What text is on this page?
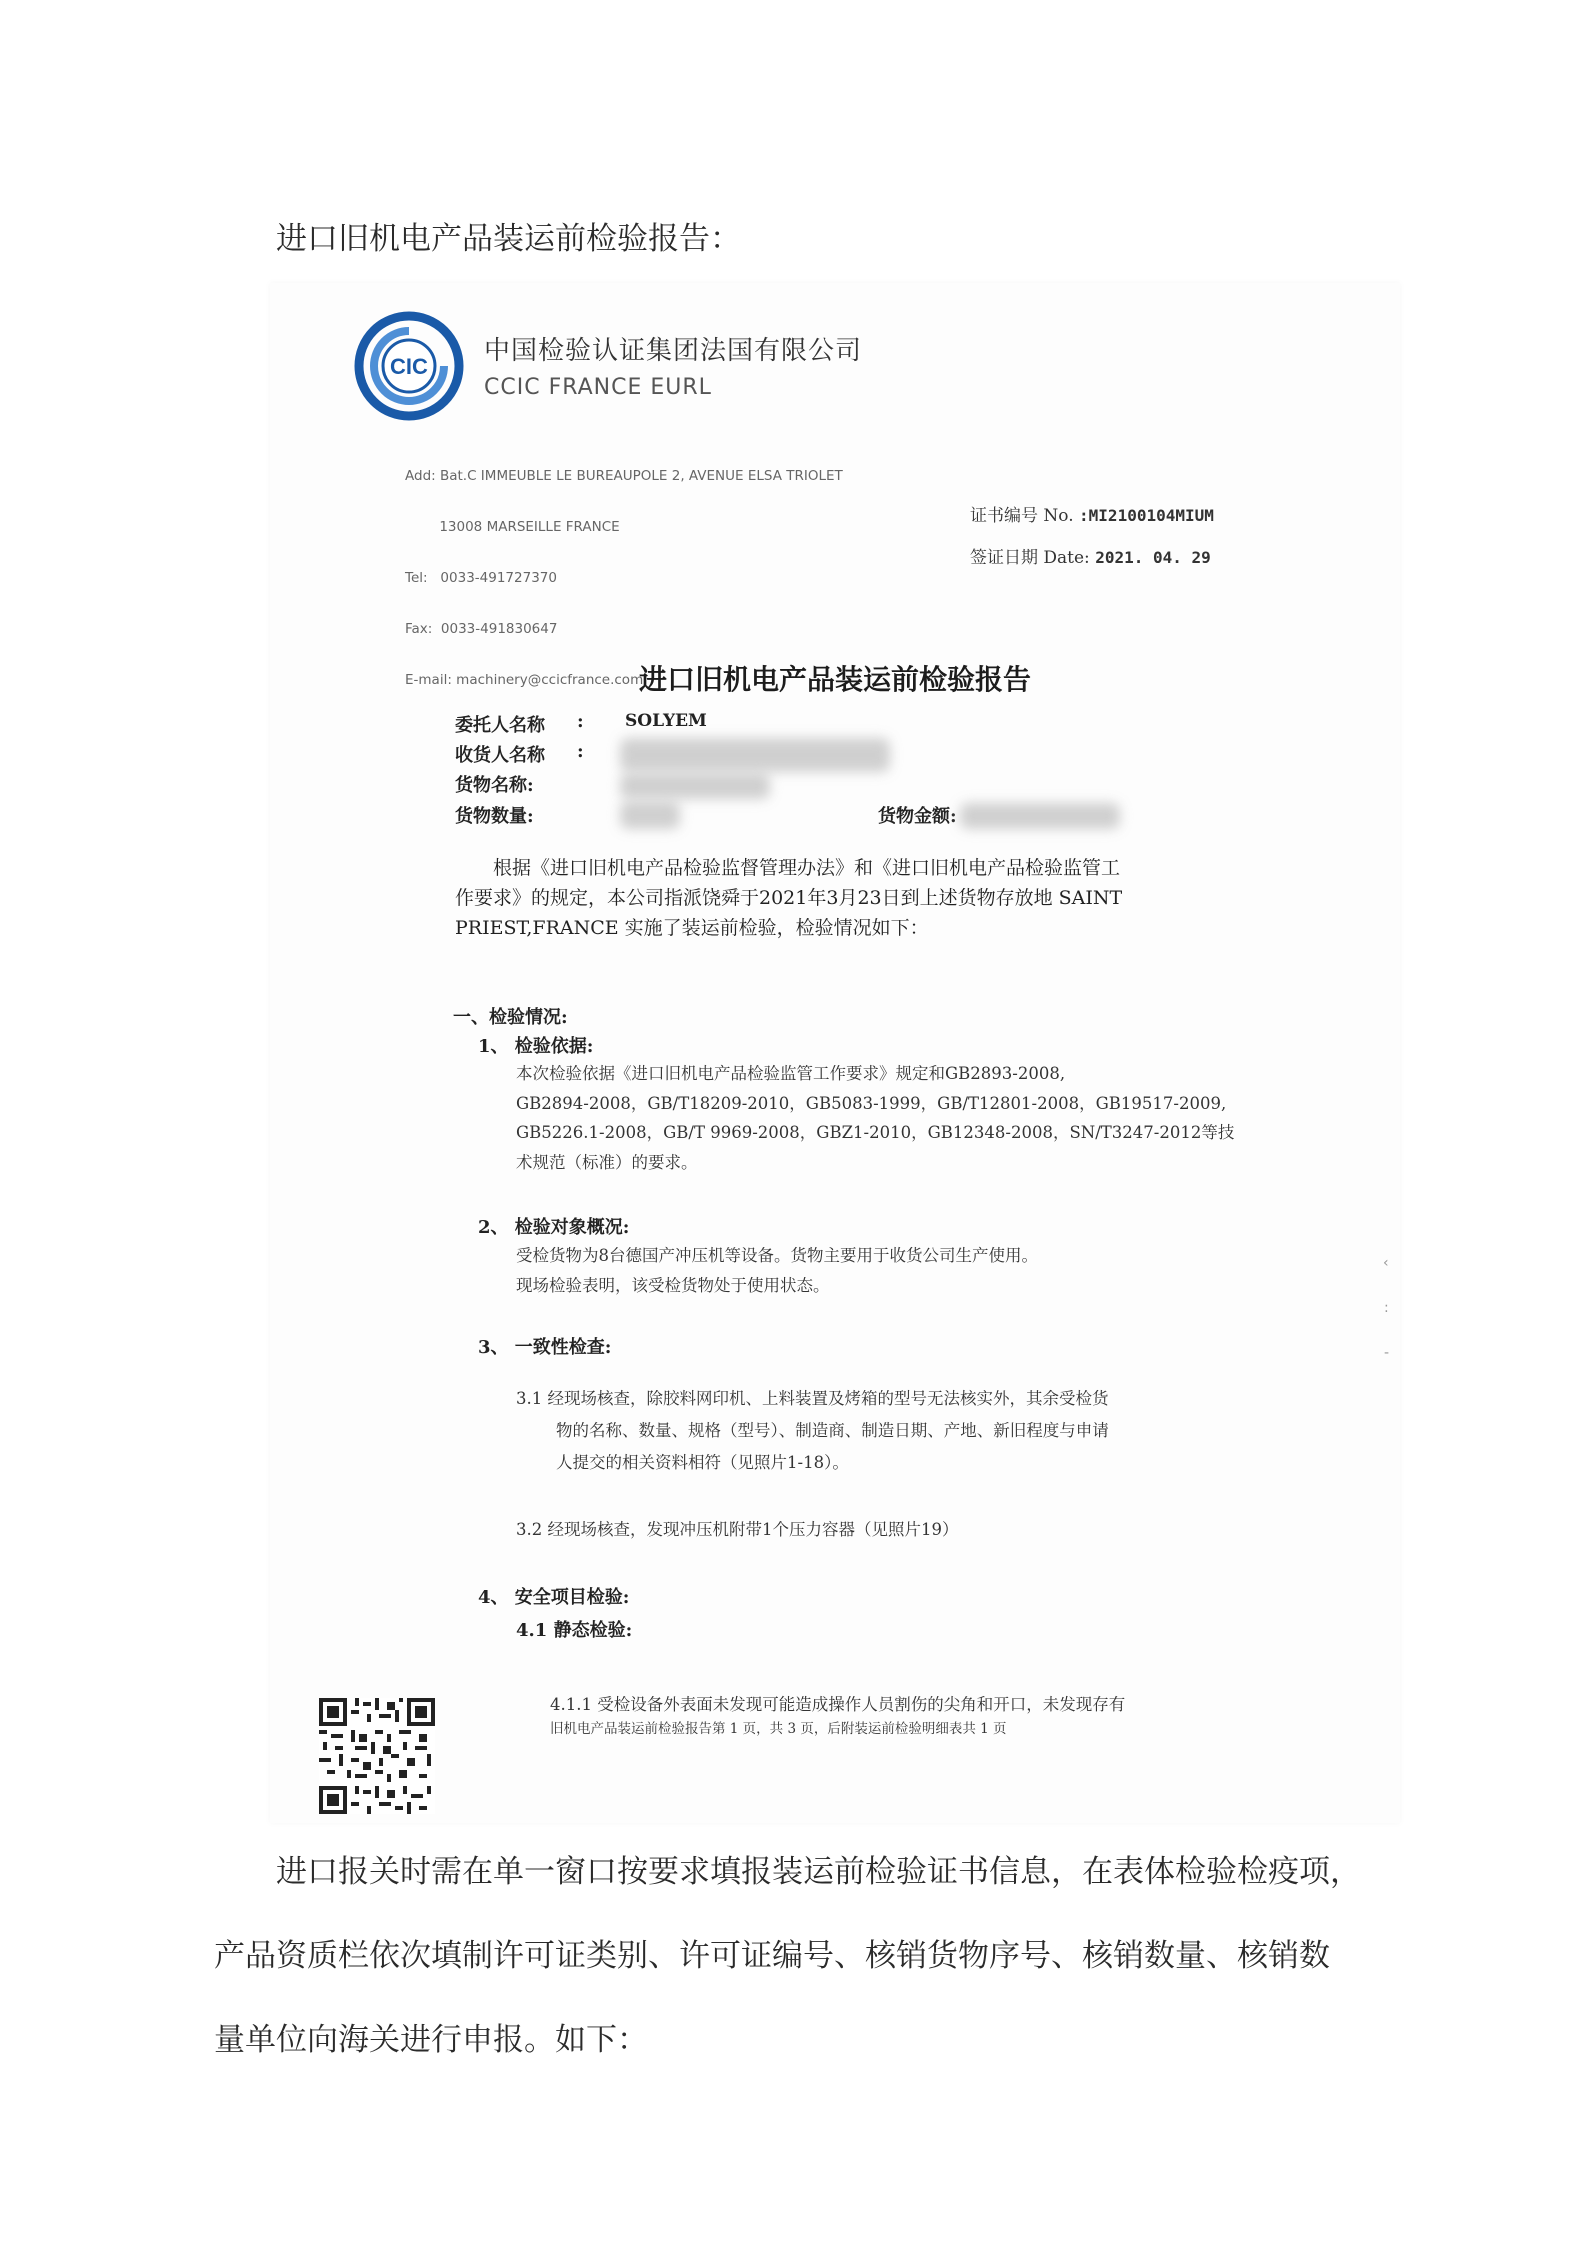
进口旧机电产品装运前检验报告：
CIC
中国检验认证集团法国有限公司
CCIC FRANCE EURL

Add: Bat.C IMMEUBLE LE BUREAUPOLE 2, AVENUE ELSA TRIOLET

13008 MARSEILLE FRANCE

Tel:   0033-491727370

Fax:  0033-491830647

E-mail: machinery@ccicfrance.com

证书编号 No. :MI2100104MIUM
签证日期 Date: 2021. 04. 29
进口旧机电产品装运前检验报告
委托人名称 : SOLYEM
收货人名称 :
货物名称:
货物数量:	货物金额:
根据《进口旧机电产品检验监督管理办法》和《进口旧机电产品检验监管工
作要求》的规定，本公司指派饶舜于2021年3月23日到上述货物存放地 SAINT
PRIEST,FRANCE 实施了装运前检验，检验情况如下：
一、检验情况:
1、 检验依据:
本次检验依据《进口旧机电产品检验监管工作要求》规定和GB2893-2008,
GB2894-2008，GB/T18209-2010，GB5083-1999，GB/T12801-2008，GB19517-2009,
GB5226.1-2008，GB/T 9969-2008，GBZ1-2010，GB12348-2008，SN/T3247-2012等技
术规范（标准）的要求。
2、 检验对象概况:
受检货物为8台德国产冲压机等设备。货物主要用于收货公司生产使用。
现场检验表明，该受检货物处于使用状态。
3、 一致性检查:
3.1 经现场核查，除胶料网印机、上料装置及烤箱的型号无法核实外，其余受检货
物的名称、数量、规格（型号）、制造商、制造日期、产地、新旧程度与申请
人提交的相关资料相符（见照片1-18）。
3.2 经现场核查，发现冲压机附带1个压力容器（见照片19）
4、 安全项目检验:
4.1 静态检验:
4.1.1 受检设备外表面未发现可能造成操作人员割伤的尖角和开口，未发现存有
旧机电产品装运前检验报告第 1 页，共 3 页，后附装运前检验明细表共 1 页
‹
:
-
进口报关时需在单一窗口按要求填报装运前检验证书信息，在表体检验检疫项，
产品资质栏依次填制许可证类别、许可证编号、核销货物序号、核销数量、核销数
量单位向海关进行申报。如下：
